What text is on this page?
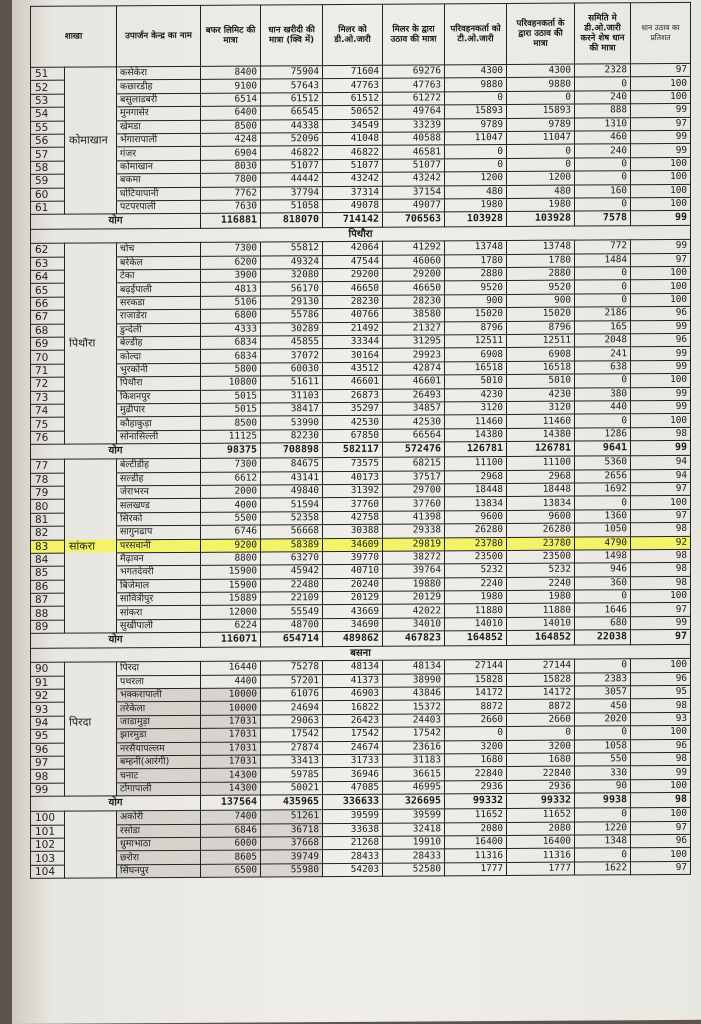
शाखा		उपार्जन केन्द्र का नाम	बफर लिमिट की मात्रा	धान खरीदी की मात्रा (क्वि में)	मिलर को डी.ओ.जारी	मिलर के द्वारा उठाव की मात्रा	परिवहनकर्ता को टी.ओ.जारी	परिवहनकर्ता के द्वारा उठाव की मात्रा	समिति मे डी.ओ.जारी करने शेष धान की मात्रा	धान उठाव का प्रतिशत
51		कसेकेरा	8400	75904	71604	69276	4300	4300	2328	97
52		कछारडीह	9100	57643	47763	47763	9880	9880	0	100
53		बसुलाडबरी	6514	61512	61512	61272	0	0	240	100
54		मुनगासेर	6400	66545	50652	49764	15893	15893	888	99
55		खेमडा	8500	44338	34549	33239	9789	9789	1310	97
56	कोमाखान	भेंगारापाली	4248	52096	41048	40588	11047	11047	460	99
57		गंजर	6904	46822	46822	46581	0	0	240	99
58		कोमाखान	8030	51077	51077	51077	0	0	0	100
59		बकमा	7800	44442	43242	43242	1200	1200	0	100
60		घोटियापानी	7762	37794	37314	37154	480	480	160	100
61		पटपरपाली	7630	51058	49078	49077	1980	1980	0	100
योग			116881	818070	714142	706563	103928	103928	7578	99
पिथौरा										
62		चोच	7300	55812	42064	41292	13748	13748	772	99
63		बरेकेल	6200	49324	47544	46060	1780	1780	1484	97
64		टेका	3900	32080	29200	29200	2880	2880	0	100
65		बढ़ईपाली	4813	56170	46650	46650	9520	9520	0	100
66		सरकडा	5106	29130	28230	28230	900	900	0	100
67		राजाडेरा	6800	55786	40766	38580	15020	15020	2186	96
68		डुन्देली	4333	30289	21492	21327	8796	8796	165	99
69	पिथौरा	बेल्डीह	6834	45855	33344	31295	12511	12511	2048	96
70		कोल्दा	6834	37072	30164	29923	6908	6908	241	99
71		भुरकोनी	5800	60030	43512	42874	16518	16518	638	99
72		पिथौरा	10800	51611	46601	46601	5010	5010	0	100
73		किशनपुर	5015	31103	26873	26493	4230	4230	380	99
74		मुढीपार	5015	38417	35297	34857	3120	3120	440	99
75		कौहाकुड़ा	8500	53990	42530	42530	11460	11460	0	100
76		सोनासिल्ली	11125	82230	67850	66564	14380	14380	1286	98
योग			98375	708898	582117	572476	126781	126781	9641	99
77		बेल्टीडीह	7300	84675	73575	68215	11100	11100	5360	94
78		सल्डीह	6612	43141	40173	37517	2968	2968	2656	94
79		जेराभरन	2000	49840	31392	29700	18448	18448	1692	97
80		सलखण्ड	4000	51594	37760	37760	13834	13834	0	100
81		सिरको	5500	52358	42758	41398	9600	9600	1360	97
82		सागुनढाप	6746	56668	30388	29338	26280	26280	1050	98
83	सांकरा	परसवानी	9200	58389	34609	29819	23780	23780	4790	92
84		मैढ़ावन	8800	63270	39770	38272	23500	23500	1498	98
85		भगतदेवरी	15900	45942	40710	39764	5232	5232	946	98
86		बिजेमाल	15900	22480	20240	19880	2240	2240	360	98
87		सावित्रीपुर	15889	22109	20129	20129	1980	1980	0	100
88		सांकरा	12000	55549	43669	42022	11880	11880	1646	97
89		सुखीपाली	6224	48700	34690	34010	14010	14010	680	99
योग			116071	654714	489862	467823	164852	164852	22038	97
बसना										
90		पिरदा	16440	75278	48134	48134	27144	27144	0	100
91		पथरला	4400	57201	41373	38990	15828	15828	2383	96
92		भक्करापाली	10000	61076	46903	43846	14172	14172	3057	95
93		तरेकेला	10000	24694	16822	15372	8872	8872	450	98
94	पिरदा	जाडामुड़ा	17031	29063	26423	24403	2660	2660	2020	93
95		झारमुडा	17031	17542	17542	17542	0	0	0	100
96		नरसैयापल्लम	17031	27874	24674	23616	3200	3200	1058	96
97		बम्हनी(आरंगी)	17031	33413	31733	31183	1680	1680	550	98
98		चनाट	14300	59785	36946	36615	22840	22840	330	99
99		टोंगापाली	14300	50021	47085	46995	2936	2936	90	100
योग			137564	435965	336633	326695	99332	99332	9938	98
100		अकोरी	7400	51261	39599	39599	11652	11652	0	100
101		रसोडा	6846	36718	33638	32418	2080	2080	1220	97
102		धुमाभाठा	6000	37668	21268	19910	16400	16400	1348	96
103		छरोरा	8605	39749	28433	28433	11316	11316	0	100
104		सिंघनपुर	6500	55980	54203	52580	1777	1777	1622	97
